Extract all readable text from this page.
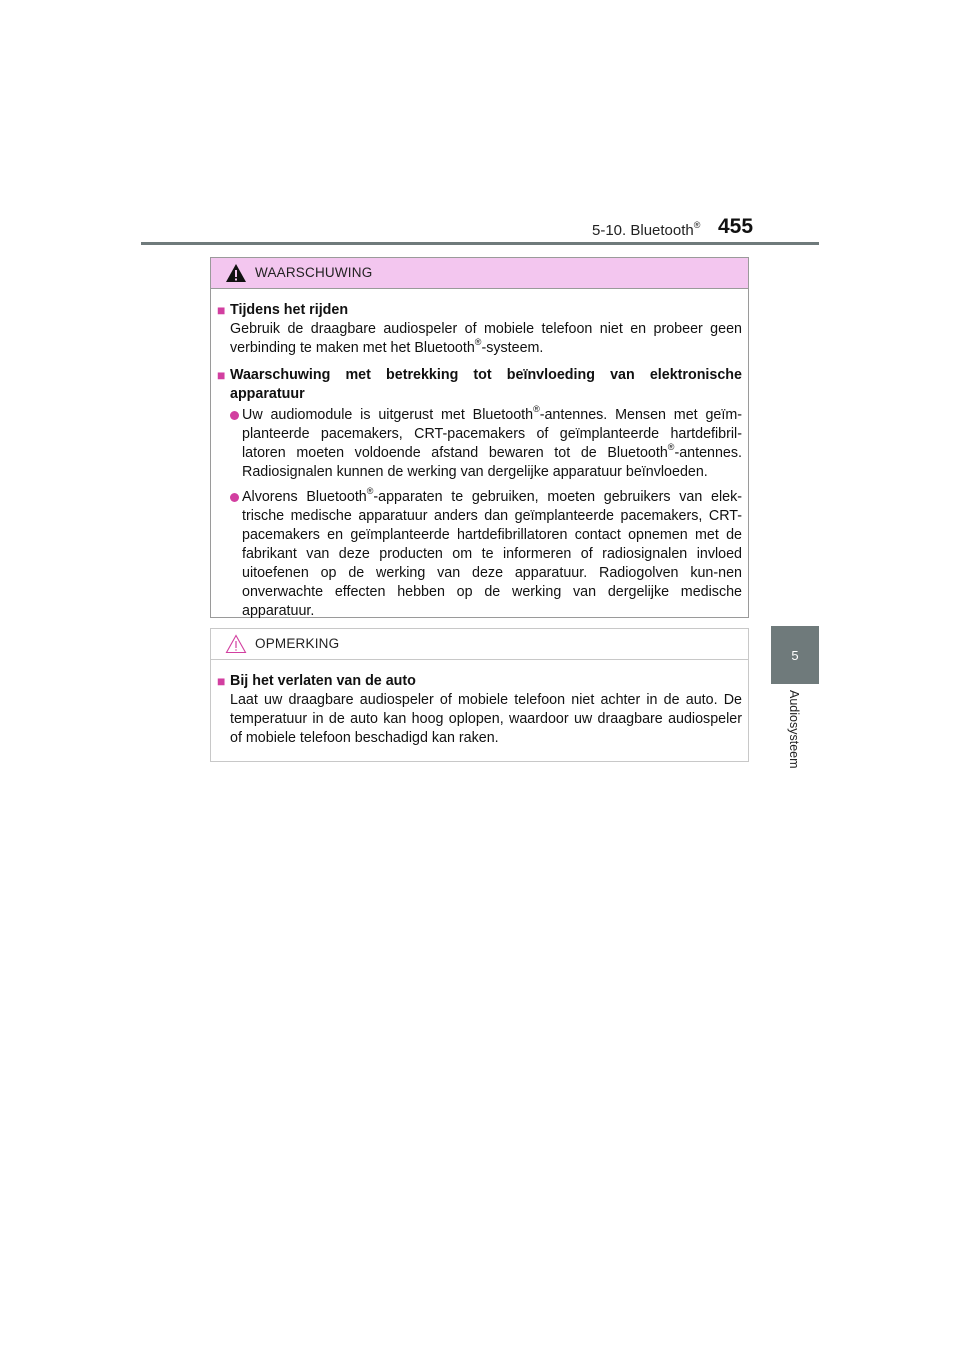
5-10. Bluetooth® 455
5
Audiosysteem
WAARSCHUWING
■ Tijdens het rijden
Gebruik de draagbare audiospeler of mobiele telefoon niet en probeer geen verbinding te maken met het Bluetooth®-systeem.
■ Waarschuwing met betrekking tot beïnvloeding van elektronische apparatuur
Uw audiomodule is uitgerust met Bluetooth®-antennes. Mensen met geïm-planteerde pacemakers, CRT-pacemakers of geïmplanteerde hartdefibril-latoren moeten voldoende afstand bewaren tot de Bluetooth®-antennes. Radiosignalen kunnen de werking van dergelijke apparatuur beïnvloeden.
Alvorens Bluetooth®-apparaten te gebruiken, moeten gebruikers van elek-trische medische apparatuur anders dan geïmplanteerde pacemakers, CRT-pacemakers en geïmplanteerde hartdefibrillatoren contact opnemen met de fabrikant van deze producten om te informeren of radiosignalen invloed uitoefenen op de werking van deze apparatuur. Radiogolven kun-nen onverwachte effecten hebben op de werking van dergelijke medische apparatuur.
OPMERKING
■ Bij het verlaten van de auto
Laat uw draagbare audiospeler of mobiele telefoon niet achter in de auto. De temperatuur in de auto kan hoog oplopen, waardoor uw draagbare audiospeler of mobiele telefoon beschadigd kan raken.
